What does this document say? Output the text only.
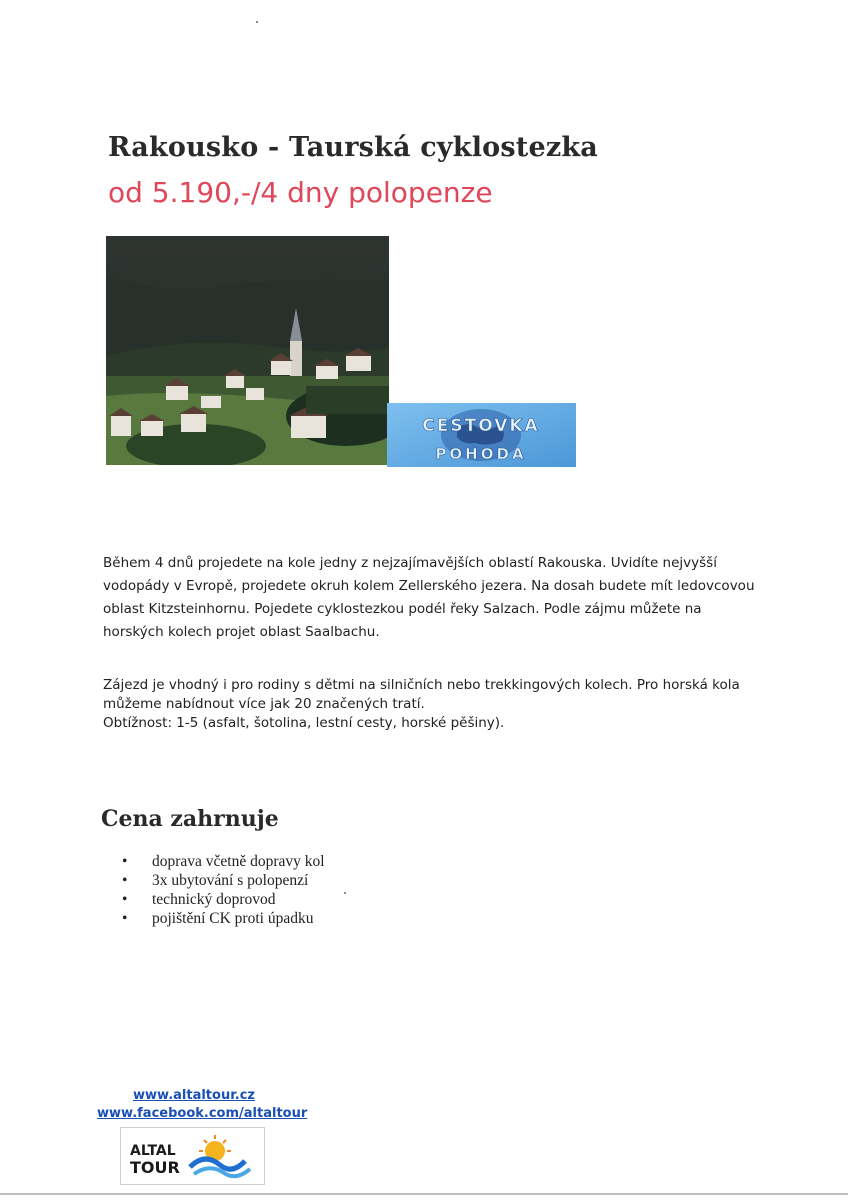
Rakousko - Taurská cyklostezka
od 5.190,-/4 dny polopenze
CESTOVKA
POHODA
Během 4 dnů projedete na kole jedny z nejzajímavějších oblastí Rakouska. Uvidíte nejvyšší vodopády v Evropě, projedete okruh kolem Zellerského jezera. Na dosah budete mít ledovcovou oblast Kitzsteinhornu. Pojedete cyklostezkou podél řeky Salzach. Podle zájmu můžete na horských kolech projet oblast Saalbachu.
Zájezd je vhodný i pro rodiny s dětmi na silničních nebo trekkingových kolech. Pro horská kola můžeme nabídnout více jak 20 značených tratí.
Obtížnost: 1-5 (asfalt, šotolina, lestní cesty, horské pěšiny).
Cena zahrnuje
• doprava včetně dopravy kol
• 3x ubytování s polopenzí
• technický doprovod
• pojištění CK proti úpadku
www.altaltour.cz
www.facebook.com/altaltour
ALTAL
TOUR
